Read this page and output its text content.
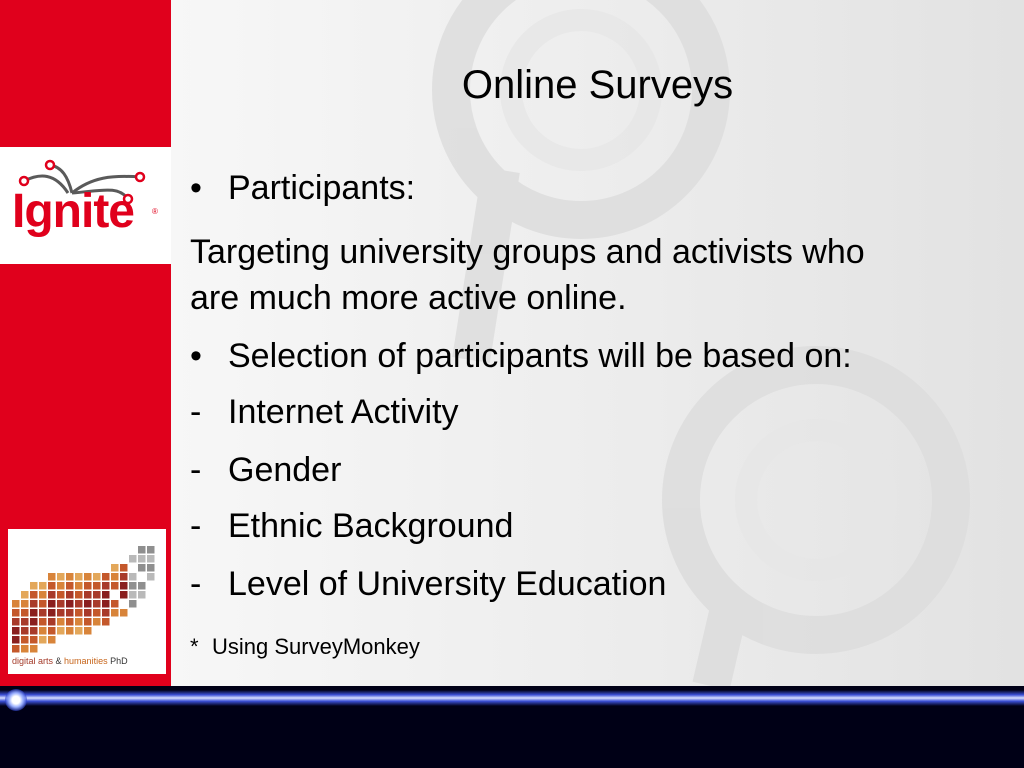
Ignite	®
digital arts & humanities PhD
Online Surveys
• Participants:
Targeting university groups and activists who
are much more active online.
• Selection of participants will be based on:
- Internet Activity
- Gender
- Ethnic Background
- Level of University Education
* Using SurveyMonkey
